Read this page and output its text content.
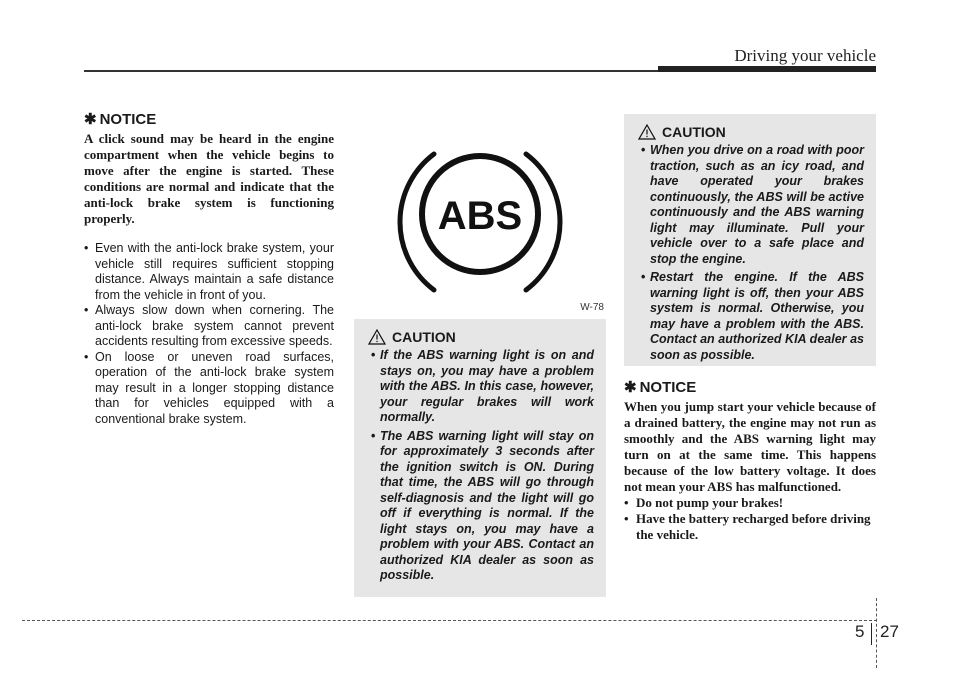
Driving your vehicle
✱ NOTICE

A click sound may be heard in the engine compartment when the vehicle begins to move after the engine is started. These conditions are normal and indicate that the anti-lock brake system is functioning properly.

• Even with the anti-lock brake system, your vehicle still requires sufficient stopping distance. Always maintain a safe distance from the vehicle in front of you.
• Always slow down when cornering. The anti-lock brake system cannot prevent accidents resulting from excessive speeds.
• On loose or uneven road surfaces, operation of the anti-lock brake system may result in a longer stopping distance than for vehicles equipped with a conventional brake system.
ABS
W-78
CAUTION
• If the ABS warning light is on and stays on, you may have a problem with the ABS. In this case, however, your regular brakes will work normally.
• The ABS warning light will stay on for approximately 3 seconds after the ignition switch is ON. During that time, the ABS will go through self-diagnosis and the light will go off if everything is normal. If the light stays on, you may have a problem with your ABS. Contact an authorized KIA dealer as soon as possible.
CAUTION
• When you drive on a road with poor traction, such as an icy road, and have operated your brakes continuously, the ABS will be active continuously and the ABS warning light may illuminate. Pull your vehicle over to a safe place and stop the engine.
• Restart the engine. If the ABS warning light is off, then your ABS system is normal. Otherwise, you may have a problem with the ABS. Contact an authorized KIA dealer as soon as possible.
✱ NOTICE

When you jump start your vehicle because of a drained battery, the engine may not run as smoothly and the ABS warning light may turn on at the same time. This happens because of the low battery voltage. It does not mean your ABS has malfunctioned.

• Do not pump your brakes!
• Have the battery recharged before driving the vehicle.
5 27
